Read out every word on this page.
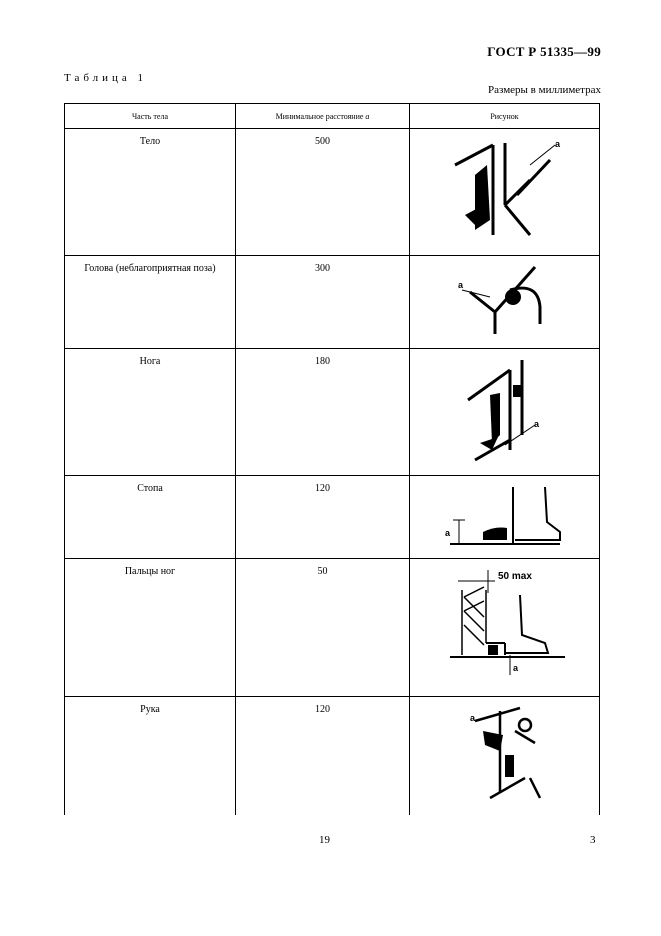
ГОСТ Р 51335—99
Таблица 1
Размеры в миллиметрах
Часть тела	Минимальное расстояние a	Рисунок
Тело	500	a

Голова (неблагоприятная поза)	300	a

Нога	180	a

Стопа	120	a

Пальцы ног	50	50 max
a

Рука	120	a
19	3
